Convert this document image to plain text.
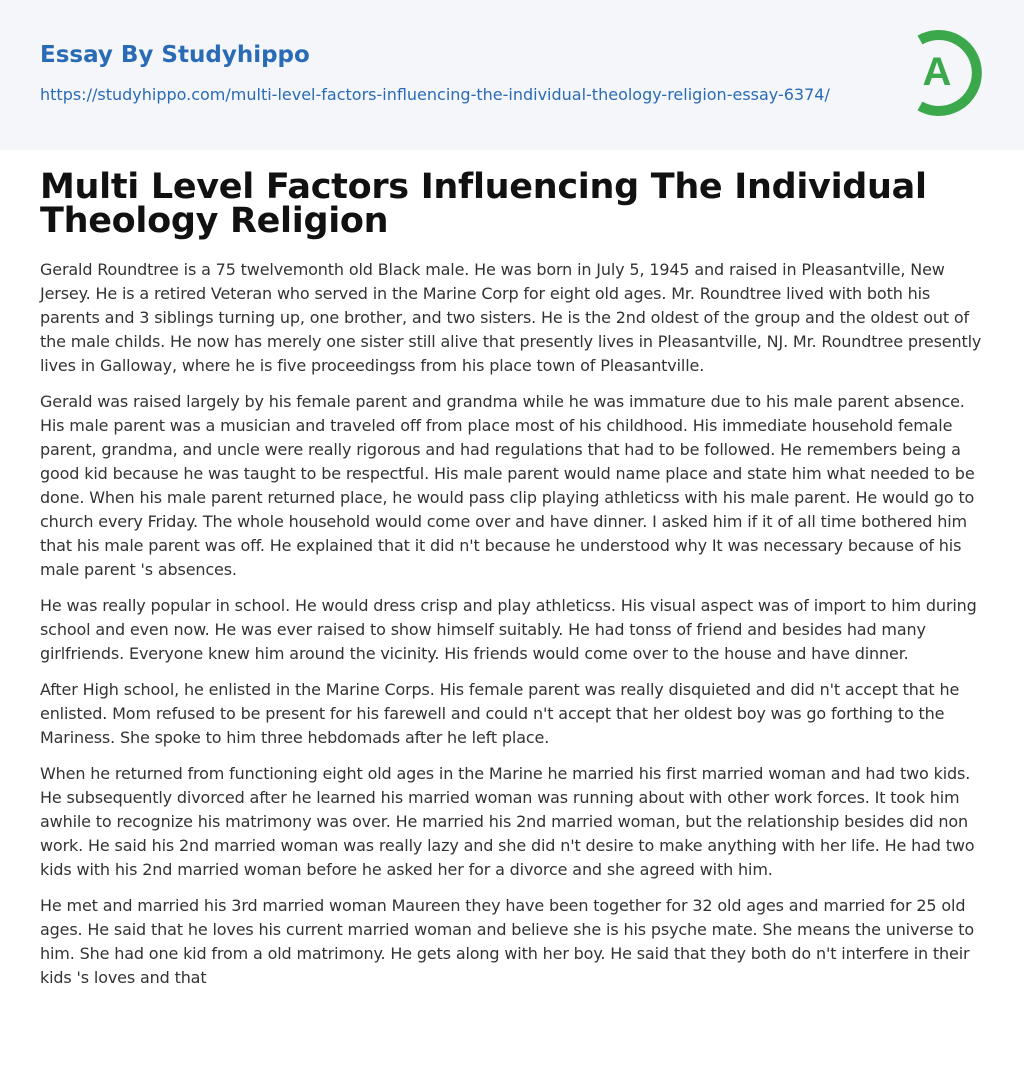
Essay By Studyhippo
https://studyhippo.com/multi-level-factors-influencing-the-individual-theology-religion-essay-6374/
A
Multi Level Factors Influencing The Individual Theology Religion

Gerald Roundtree is a 75 twelvemonth old Black male. He was born in July 5, 1945 and raised in Pleasantville, New Jersey. He is a retired Veteran who served in the Marine Corp for eight old ages. Mr. Roundtree lived with both his parents and 3 siblings turning up, one brother, and two sisters. He is the 2nd oldest of the group and the oldest out of the male childs. He now has merely one sister still alive that presently lives in Pleasantville, NJ. Mr. Roundtree presently lives in Galloway, where he is five proceedingss from his place town of Pleasantville.

Gerald was raised largely by his female parent and grandma while he was immature due to his male parent absence. His male parent was a musician and traveled off from place most of his childhood. His immediate household female parent, grandma, and uncle were really rigorous and had regulations that had to be followed. He remembers being a good kid because he was taught to be respectful. His male parent would name place and state him what needed to be done. When his male parent returned place, he would pass clip playing athleticss with his male parent. He would go to church every Friday. The whole household would come over and have dinner. I asked him if it of all time bothered him that his male parent was off. He explained that it did n't because he understood why It was necessary because of his male parent 's absences.

He was really popular in school. He would dress crisp and play athleticss. His visual aspect was of import to him during school and even now. He was ever raised to show himself suitably. He had tonss of friend and besides had many girlfriends. Everyone knew him around the vicinity. His friends would come over to the house and have dinner.

After High school, he enlisted in the Marine Corps. His female parent was really disquieted and did n't accept that he enlisted. Mom refused to be present for his farewell and could n't accept that her oldest boy was go forthing to the Mariness. She spoke to him three hebdomads after he left place.

When he returned from functioning eight old ages in the Marine he married his first married woman and had two kids. He subsequently divorced after he learned his married woman was running about with other work forces. It took him awhile to recognize his matrimony was over. He married his 2nd married woman, but the relationship besides did non work. He said his 2nd married woman was really lazy and she did n't desire to make anything with her life. He had two kids with his 2nd married woman before he asked her for a divorce and she agreed with him.

He met and married his 3rd married woman Maureen they have been together for 32 old ages and married for 25 old ages. He said that he loves his current married woman and believe she is his psyche mate. She means the universe to him. She had one kid from a old matrimony. He gets along with her boy. He said that they both do n't interfere in their kids 's loves and that
